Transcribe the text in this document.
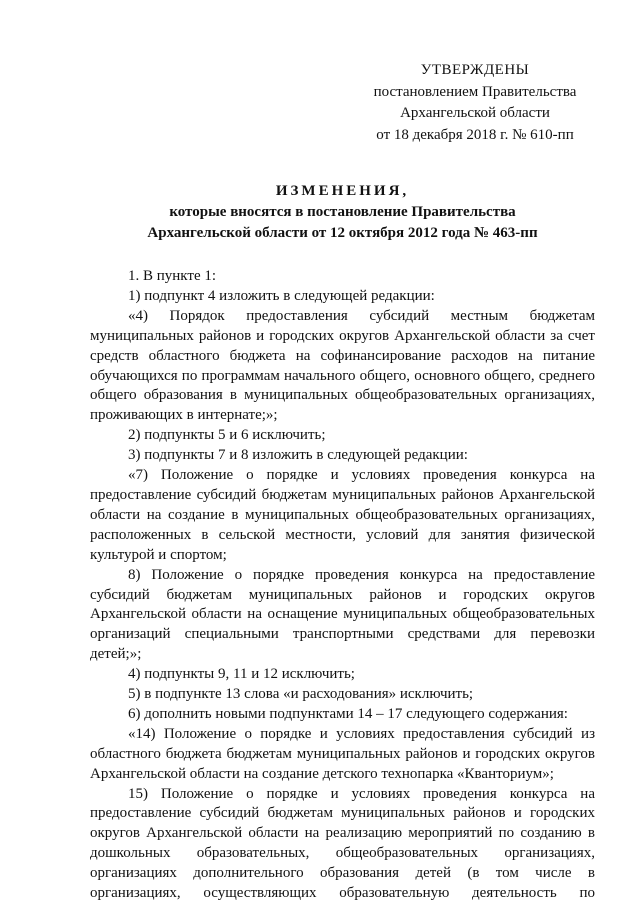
УТВЕРЖДЕНЫ
постановлением Правительства
Архангельской области
от 18 декабря 2018 г. № 610-пп
ИЗМЕНЕНИЯ,
которые вносятся в постановление Правительства
Архангельской области от 12 октября 2012 года № 463-пп

1. В пункте 1:

1) подпункт 4 изложить в следующей редакции:

«4) Порядок предоставления субсидий местным бюджетам муниципальных районов и городских округов Архангельской области за счет средств областного бюджета на софинансирование расходов на питание обучающихся по программам начального общего, основного общего, среднего общего образования в муниципальных общеобразовательных организациях, проживающих в интернате;»;

2) подпункты 5 и 6 исключить;

3) подпункты 7 и 8 изложить в следующей редакции:

«7) Положение о порядке и условиях проведения конкурса на предоставление субсидий бюджетам муниципальных районов Архангельской области на создание в муниципальных общеобразовательных организациях, расположенных в сельской местности, условий для занятия физической культурой и спортом;

8) Положение о порядке проведения конкурса на предоставление субсидий бюджетам муниципальных районов и городских округов Архангельской области на оснащение муниципальных общеобразовательных организаций специальными транспортными средствами для перевозки детей;»;

4) подпункты 9, 11 и 12 исключить;

5) в подпункте 13 слова «и расходования» исключить;

6) дополнить новыми подпунктами 14 – 17 следующего содержания:

«14) Положение о порядке и условиях предоставления субсидий из областного бюджета бюджетам муниципальных районов и городских округов Архангельской области на создание детского технопарка «Кванториум»;

15) Положение о порядке и условиях проведения конкурса на предоставление субсидий бюджетам муниципальных районов и городских округов Архангельской области на реализацию мероприятий по созданию в дошкольных образовательных, общеобразовательных организациях, организациях дополнительного образования детей (в том числе в организациях, осуществляющих образовательную деятельность по
